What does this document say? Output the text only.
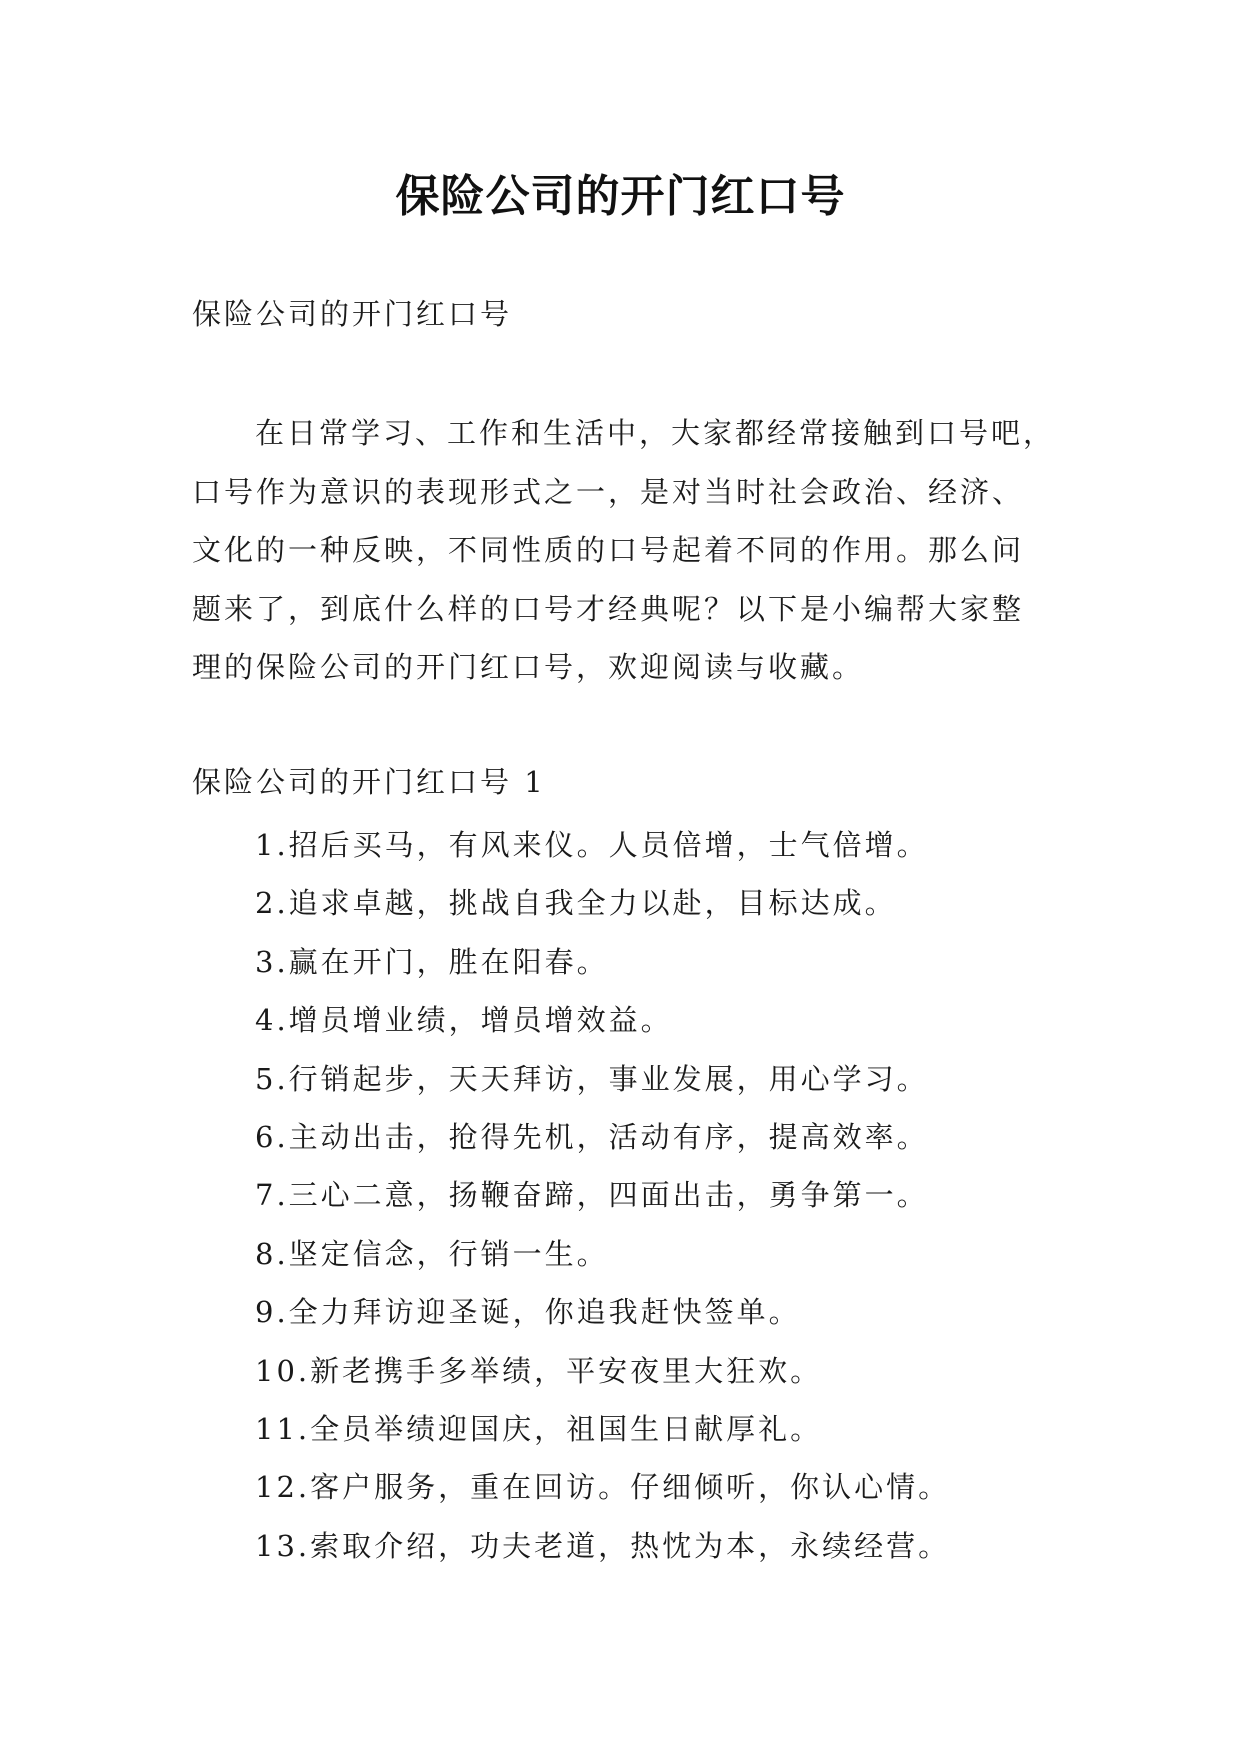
保险公司的开门红口号
保险公司的开门红口号
在日常学习、工作和生活中，大家都经常接触到口号吧，
口号作为意识的表现形式之一，是对当时社会政治、经济、
文化的一种反映，不同性质的口号起着不同的作用。那么问
题来了，到底什么样的口号才经典呢？以下是小编帮大家整
理的保险公司的开门红口号，欢迎阅读与收藏。
保险公司的开门红口号 1
1.招后买马，有风来仪。人员倍增，士气倍增。
2.追求卓越，挑战自我全力以赴，目标达成。
3.赢在开门，胜在阳春。
4.增员增业绩，增员增效益。
5.行销起步，天天拜访，事业发展，用心学习。
6.主动出击，抢得先机，活动有序，提高效率。
7.三心二意，扬鞭奋蹄，四面出击，勇争第一。
8.坚定信念，行销一生。
9.全力拜访迎圣诞，你追我赶快签单。
10.新老携手多举绩，平安夜里大狂欢。
11.全员举绩迎国庆，祖国生日献厚礼。
12.客户服务，重在回访。仔细倾听，你认心情。
13.索取介绍，功夫老道，热忱为本，永续经营。
